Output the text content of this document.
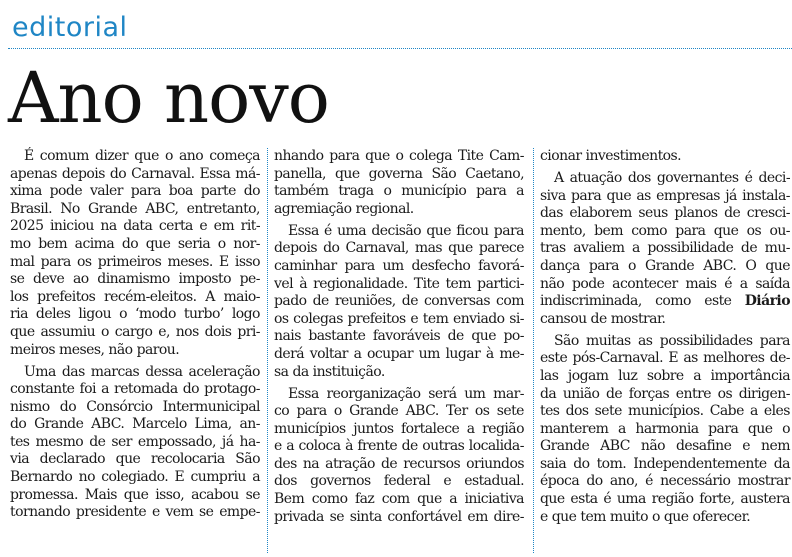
editorial
Ano novo
É comum dizer que o ano começa
apenas depois do Carnaval. Essa má-
xima pode valer para boa parte do
Brasil. No Grande ABC, entretanto,
2025 iniciou na data certa e em rit-
mo bem acima do que seria o nor-
mal para os primeiros meses. E isso
se deve ao dinamismo imposto pe-
los prefeitos recém-eleitos. A maio-
ria deles ligou o ‘modo turbo’ logo
que assumiu o cargo e, nos dois pri-
meiros meses, não parou.
Uma das marcas dessa aceleração
constante foi a retomada do protago-
nismo do Consórcio Intermunicipal
do Grande ABC. Marcelo Lima, an-
tes mesmo de ser empossado, já ha-
via declarado que recolocaria São
Bernardo no colegiado. E cumpriu a
promessa. Mais que isso, acabou se
tornando presidente e vem se empe-
nhando para que o colega Tite Cam-
panella, que governa São Caetano,
também traga o município para a
agremiação regional.
Essa é uma decisão que ficou para
depois do Carnaval, mas que parece
caminhar para um desfecho favorá-
vel à regionalidade. Tite tem partici-
pado de reuniões, de conversas com
os colegas prefeitos e tem enviado si-
nais bastante favoráveis de que po-
derá voltar a ocupar um lugar à me-
sa da instituição.
Essa reorganização será um mar-
co para o Grande ABC. Ter os sete
municípios juntos fortalece a região
e a coloca à frente de outras localida-
des na atração de recursos oriundos
dos governos federal e estadual.
Bem como faz com que a iniciativa
privada se sinta confortável em dire-
cionar investimentos.
A atuação dos governantes é deci-
siva para que as empresas já instala-
das elaborem seus planos de cresci-
mento, bem como para que os ou-
tras avaliem a possibilidade de mu-
dança para o Grande ABC. O que
não pode acontecer mais é a saída
indiscriminada, como este Diário
cansou de mostrar.
São muitas as possibilidades para
este pós-Carnaval. E as melhores de-
las jogam luz sobre a importância
da união de forças entre os dirigen-
tes dos sete municípios. Cabe a eles
manterem a harmonia para que o
Grande ABC não desafine e nem
saia do tom. Independentemente da
época do ano, é necessário mostrar
que esta é uma região forte, austera
e que tem muito o que oferecer.
